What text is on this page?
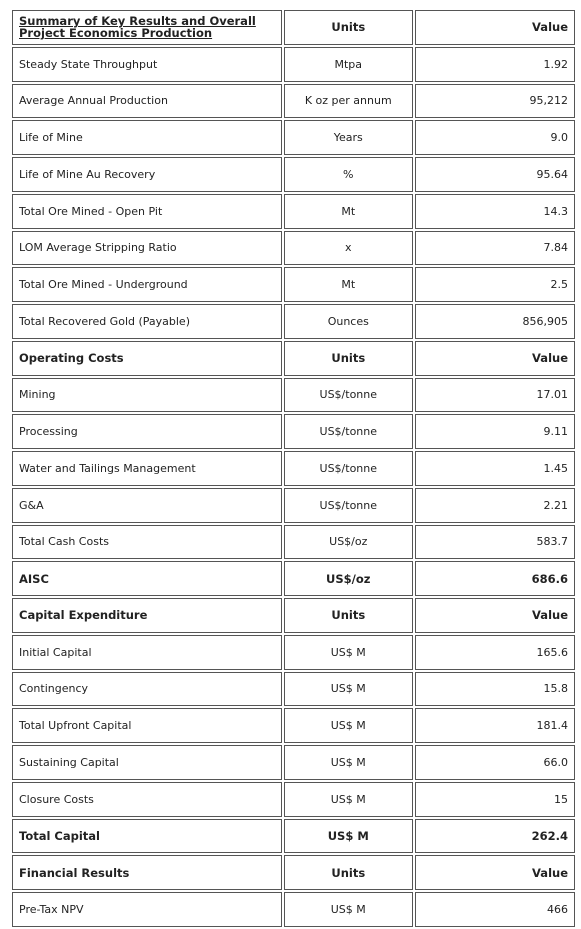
Summary of Key Results and Overall
Project Economics Production	Units	Value
Steady State Throughput	Mtpa	1.92
Average Annual Production	K oz per annum	95,212
Life of Mine	Years	9.0
Life of Mine Au Recovery	%	95.64
Total Ore Mined - Open Pit	Mt	14.3
LOM Average Stripping Ratio	x	7.84
Total Ore Mined - Underground	Mt	2.5
Total Recovered Gold (Payable)	Ounces	856,905
Operating Costs	Units	Value
Mining	US$/tonne	17.01
Processing	US$/tonne	9.11
Water and Tailings Management	US$/tonne	1.45
G&A	US$/tonne	2.21
Total Cash Costs	US$/oz	583.7
AISC	US$/oz	686.6
Capital Expenditure	Units	Value
Initial Capital	US$ M	165.6
Contingency	US$ M	15.8
Total Upfront Capital	US$ M	181.4
Sustaining Capital	US$ M	66.0
Closure Costs	US$ M	15
Total Capital	US$ M	262.4
Financial Results	Units	Value
Pre-Tax NPV	US$ M	466
